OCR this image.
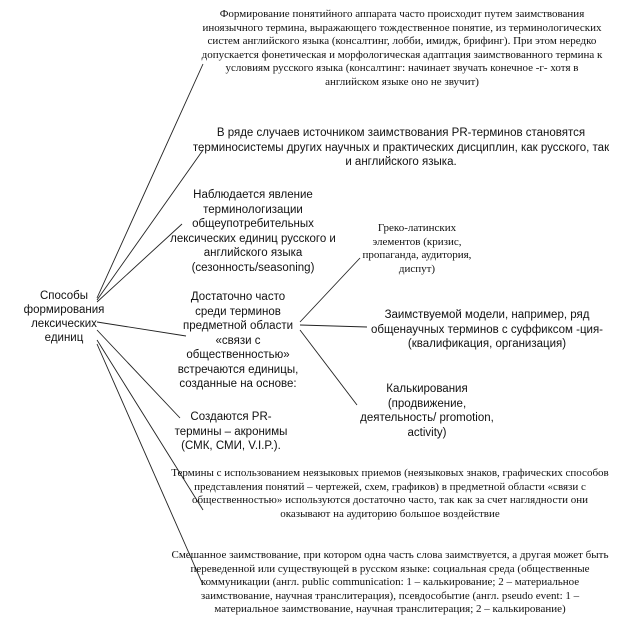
Способы формирования лексических единиц
Формирование понятийного аппарата часто происходит путем заимствования иноязычного термина, выражающего тождественное понятие, из терминологических систем английского языка (консалтинг, лобби, имидж, брифинг). При этом нередко допускается фонетическая и морфологическая адаптация заимствованного термина к условиям русского языка (консалтинг: начинает звучать конечное -г- хотя в английском языке оно не звучит)
В ряде случаев источником заимствования PR-терминов становятся терминосистемы других научных и практических дисциплин, как русского, так и английского языка.
Наблюдается явление терминологизации общеупотребительных лексических единиц русского и английского языка (сезонность/seasoning)
Достаточно часто среди терминов предметной области «связи с общественностью» встречаются единицы, созданные на основе:
Создаются PR-термины – акронимы (СМК, СМИ, V.I.P.).
Термины с использованием неязыковых приемов (неязыковых знаков, графических способов представления понятий – чертежей, схем, графиков) в предметной области «связи с общественностью» используются достаточно часто, так как за счет наглядности они оказывают на аудиторию большое воздействие
Смешанное заимствование, при котором одна часть слова заимствуется, а другая может быть переведенной или существующей в русском языке: социальная среда (общественные коммуникации (англ. public communication: 1 – калькирование; 2 – материальное заимствование, научная транслитерация), псевдособытие (англ. pseudo event: 1 – материальное заимствование, научная транслитерация; 2 – калькирование)
Греко-латинских элементов (кризис, пропаганда, аудитория, диспут)
Заимствуемой модели, например, ряд общенаучных терминов с суффиксом -ция- (квалификация, организация)
Калькирования (продвижение, деятельность/ promotion, activity)
